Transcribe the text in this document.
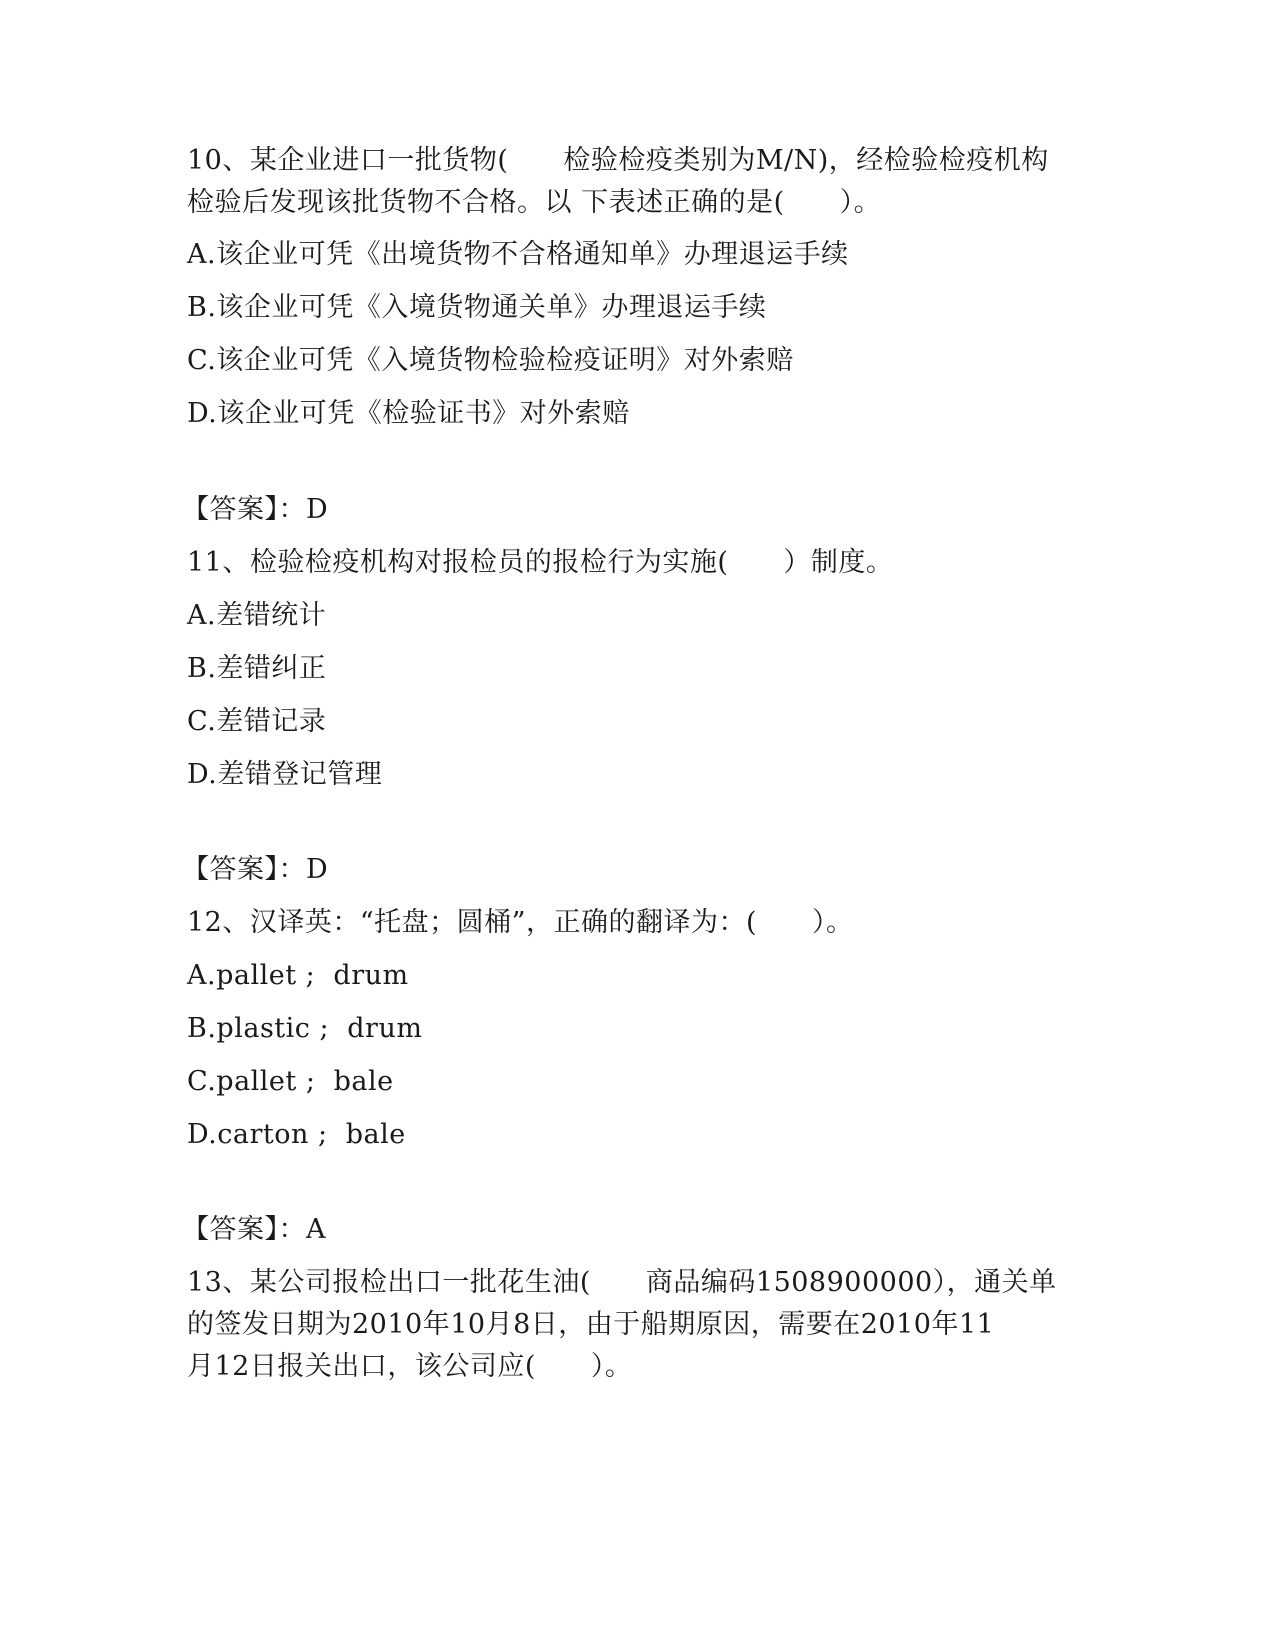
10、某企业进口一批货物(　　检验检疫类别为M/N)，经检验检疫机构
检验后发现该批货物不合格。以 下表述正确的是(　　）。
A.该企业可凭《出境货物不合格通知单》办理退运手续
B.该企业可凭《入境货物通关单》办理退运手续
C.该企业可凭《入境货物检验检疫证明》对外索赔
D.该企业可凭《检验证书》对外索赔
【答案】：D
11、检验检疫机构对报检员的报检行为实施(　　）制度。
A.差错统计
B.差错纠正
C.差错记录
D.差错登记管理
【答案】：D
12、汉译英：“托盘；圆桶”，正确的翻译为：(　　）。
A.pallet ;  drum
B.plastic ;  drum
C.pallet ;  bale
D.carton ;  bale
【答案】：A
13、某公司报检出口一批花生油(　　商品编码1508900000），通关单
的签发日期为2010年10月8日，由于船期原因，需要在2010年11
月12日报关出口，该公司应(　　）。
